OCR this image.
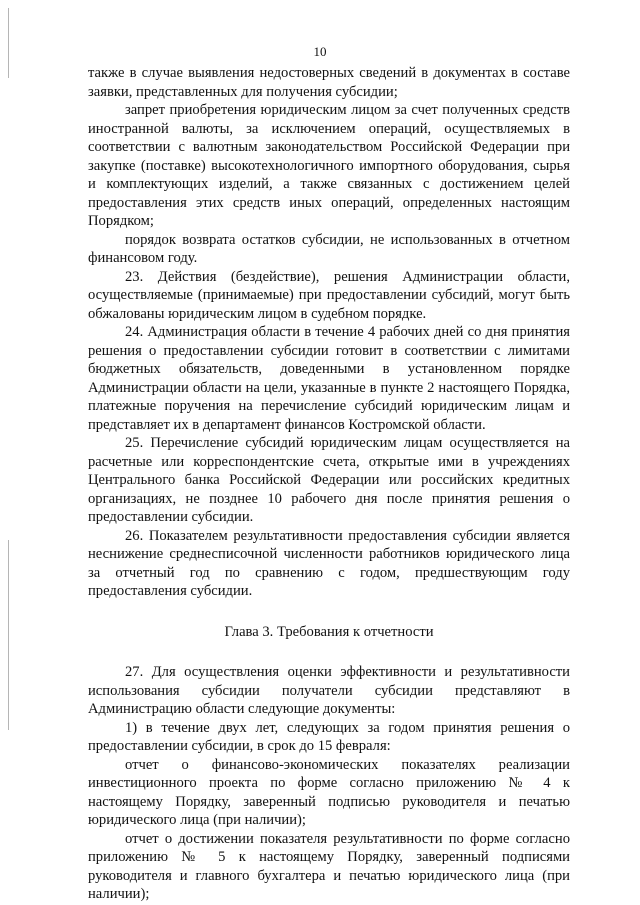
10

также в случае выявления недостоверных сведений в документах в составе заявки, представленных для получения субсидии;

запрет приобретения юридическим лицом за счет полученных средств иностранной валюты, за исключением операций, осуществляемых в соответствии с валютным законодательством Российской Федерации при закупке (поставке) высокотехнологичного импортного оборудования, сырья и комплектующих изделий, а также связанных с достижением целей предоставления этих средств иных операций, определенных настоящим Порядком;

порядок возврата остатков субсидии, не использованных в отчетном финансовом году.

23. Действия (бездействие), решения Администрации области, осуществляемые (принимаемые) при предоставлении субсидий, могут быть обжалованы юридическим лицом в судебном порядке.

24. Администрация области в течение 4 рабочих дней со дня принятия решения о предоставлении субсидии готовит в соответствии с лимитами бюджетных обязательств, доведенными в установленном порядке Администрации области на цели, указанные в пункте 2 настоящего Порядка, платежные поручения на перечисление субсидий юридическим лицам и представляет их в департамент финансов Костромской области.

25. Перечисление субсидий юридическим лицам осуществляется на расчетные или корреспондентские счета, открытые ими в учреждениях Центрального банка Российской Федерации или российских кредитных организациях, не позднее 10 рабочего дня после принятия решения о предоставлении субсидии.

26. Показателем результативности предоставления субсидии является неснижение среднесписочной численности работников юридического лица за отчетный год по сравнению с годом, предшествующим году предоставления субсидии.

Глава 3. Требования к отчетности

27. Для осуществления оценки эффективности и результативности использования субсидии получатели субсидии представляют в Администрацию области следующие документы:

1) в течение двух лет, следующих за годом принятия решения о предоставлении субсидии, в срок до 15 февраля:

отчет о финансово-экономических показателях реализации инвестиционного проекта по форме согласно приложению № 4 к настоящему Порядку, заверенный подписью руководителя и печатью юридического лица (при наличии);

отчет о достижении показателя результативности по форме согласно приложению № 5 к настоящему Порядку, заверенный подписями руководителя и главного бухгалтера и печатью юридического лица (при наличии);
